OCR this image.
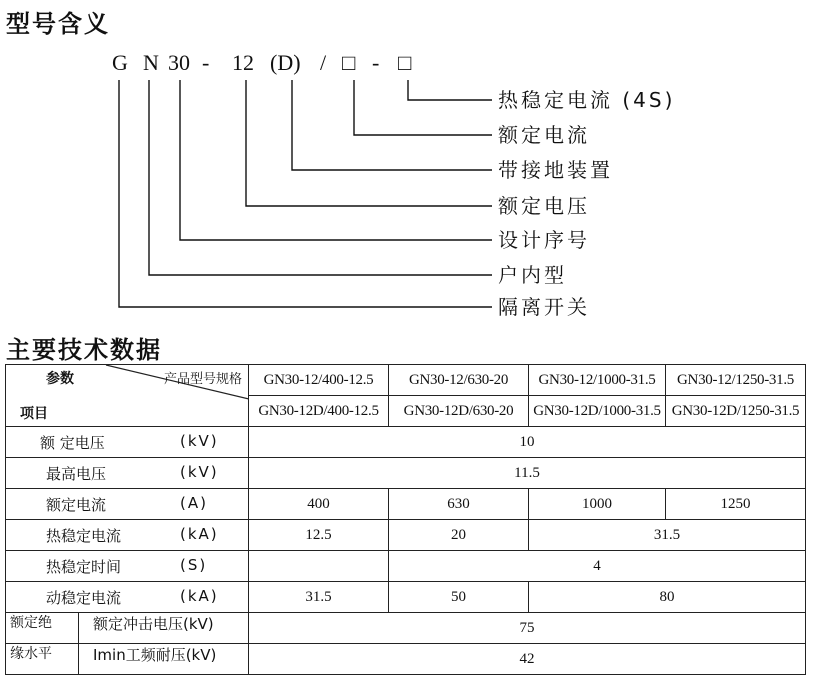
型号含义
G N 30 - 12 (D) / □ - □
热稳定电流 (4S)
额定电流
带接地装置
额定电压
设计序号
户内型
隔离开关
主要技术数据
参数 产品型号规格
项目	GN30-12/400-12.5	GN30-12/630-20	GN30-12/1000-31.5	GN30-12/1250-31.5
	GN30-12D/400-12.5	GN30-12D/630-20	GN30-12D/1000-31.5	GN30-12D/1250-31.5

额 定电压 (kV)	10			

最高电压 (kV)	11.5			

额定电流 (A)	400	630	1000	1250

热稳定电流 (kA)	12.5	20	31.5	

热稳定时间 (S)		4		

动稳定电流 (kA)	31.5	50	80	

额定绝 额定冲击电压(kV)	75			

缘水平 Imin工频耐压(kV)	42			
